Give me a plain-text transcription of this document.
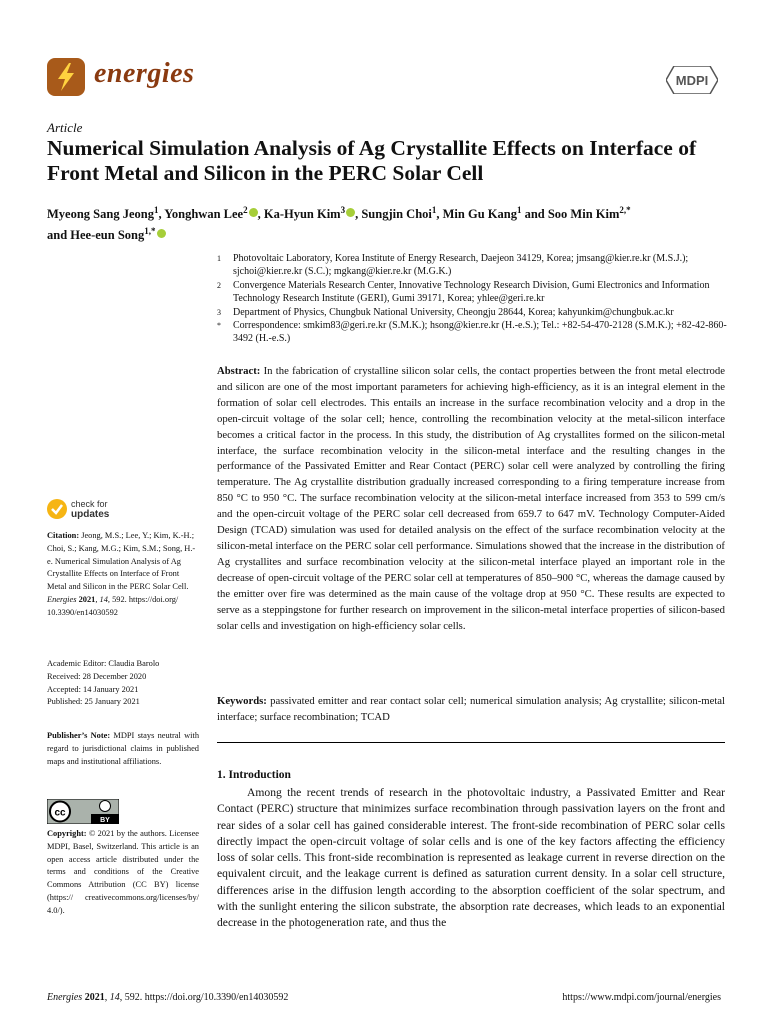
energies	MDPI
Article
Numerical Simulation Analysis of Ag Crystallite Effects on Interface of Front Metal and Silicon in the PERC Solar Cell
Myeong Sang Jeong$^1$, Yonghwan Lee$^2$ , Ka-Hyun Kim$^3$ , Sungjin Choi$^1$, Min Gu Kang$^1$ and Soo Min Kim$^{2,*}$
and Hee-eun Song$^{1,*}$
1	Photovoltaic Laboratory, Korea Institute of Energy Research, Daejeon 34129, Korea; jmsang@kier.re.kr (M.S.J.); sjchoi@kier.re.kr (S.C.); mgkang@kier.re.kr (M.G.K.)
2	Convergence Materials Research Center, Innovative Technology Research Division, Gumi Electronics and Information Technology Research Institute (GERI), Gumi 39171, Korea; yhlee@geri.re.kr
3	Department of Physics, Chungbuk National University, Cheongju 28644, Korea; kahyunkim@chungbuk.ac.kr
*	Correspondence: smkim83@geri.re.kr (S.M.K.); hsong@kier.re.kr (H.-e.S.); Tel.: +82-54-470-2128 (S.M.K.); +82-42-860-3492 (H.-e.S.)
Abstract: In the fabrication of crystalline silicon solar cells, the contact properties between the front metal electrode and silicon are one of the most important parameters for achieving high-efficiency, as it is an integral element in the formation of solar cell electrodes. This entails an increase in the surface recombination velocity and a drop in the open-circuit voltage of the solar cell; hence, controlling the recombination velocity at the metal-silicon interface becomes a critical factor in the process. In this study, the distribution of Ag crystallites formed on the silicon-metal interface, the surface recombination velocity in the silicon-metal interface and the resulting changes in the performance of the Passivated Emitter and Rear Contact (PERC) solar cell were analyzed by controlling the firing temperature. The Ag crystallite distribution gradually increased corresponding to a firing temperature increase from 850 °C to 950 °C. The surface recombination velocity at the silicon-metal interface increased from 353 to 599 cm/s and the open-circuit voltage of the PERC solar cell decreased from 659.7 to 647 mV. Technology Computer-Aided Design (TCAD) simulation was used for detailed analysis on the effect of the surface recombination velocity at the silicon-metal interface on the PERC solar cell performance. Simulations showed that the increase in the distribution of Ag crystallites and surface recombination velocity at the silicon-metal interface played an important role in the decrease of open-circuit voltage of the PERC solar cell at temperatures of 850–900 °C, whereas the damage caused by the emitter over fire was determined as the main cause of the voltage drop at 950 °C. These results are expected to serve as a steppingstone for further research on improvement in the silicon-metal interface properties of silicon-based solar cells and investigation on high-efficiency solar cells.
Keywords: passivated emitter and rear contact solar cell; numerical simulation analysis; Ag crystallite; silicon-metal interface; surface recombination; TCAD
1. Introduction
Among the recent trends of research in the photovoltaic industry, a Passivated Emitter and Rear Contact (PERC) structure that minimizes surface recombination through passivation layers on the front and rear sides of a solar cell has gained considerable interest. The front-side recombination of PERC solar cells directly impact the open-circuit voltage of solar cells and is one of the key factors affecting the efficiency loss of solar cells. This front-side recombination is represented as leakage current in reverse direction on the equivalent circuit, and the leakage current is defined as saturation current density. In a solar cell structure, differences arise in the diffusion length according to the absorption coefficient of the solar spectrum, and with the sunlight entering the silicon substrate, the absorption rate decreases, which leads to an exponential decrease in the photogeneration rate, and thus the
check for
updates
Citation: Jeong, M.S.; Lee, Y.; Kim, K.-H.; Choi, S.; Kang, M.G.; Kim, S.M.; Song, H.-e. Numerical Simulation Analysis of Ag Crystallite Effects on Interface of Front Metal and Silicon in the PERC Solar Cell. Energies 2021, 14, 592. https://doi.org/ 10.3390/en14030592
Academic Editor: Claudia Barolo
Received: 28 December 2020
Accepted: 14 January 2021
Published: 25 January 2021
Publisher’s Note: MDPI stays neutral with regard to jurisdictional claims in published maps and institutional affiliations.
cc
BY
Copyright: © 2021 by the authors. Licensee MDPI, Basel, Switzerland. This article is an open access article distributed under the terms and conditions of the Creative Commons Attribution (CC BY) license (https:// creativecommons.org/licenses/by/ 4.0/).
Energies 2021, 14, 592. https://doi.org/10.3390/en14030592	https://www.mdpi.com/journal/energies
